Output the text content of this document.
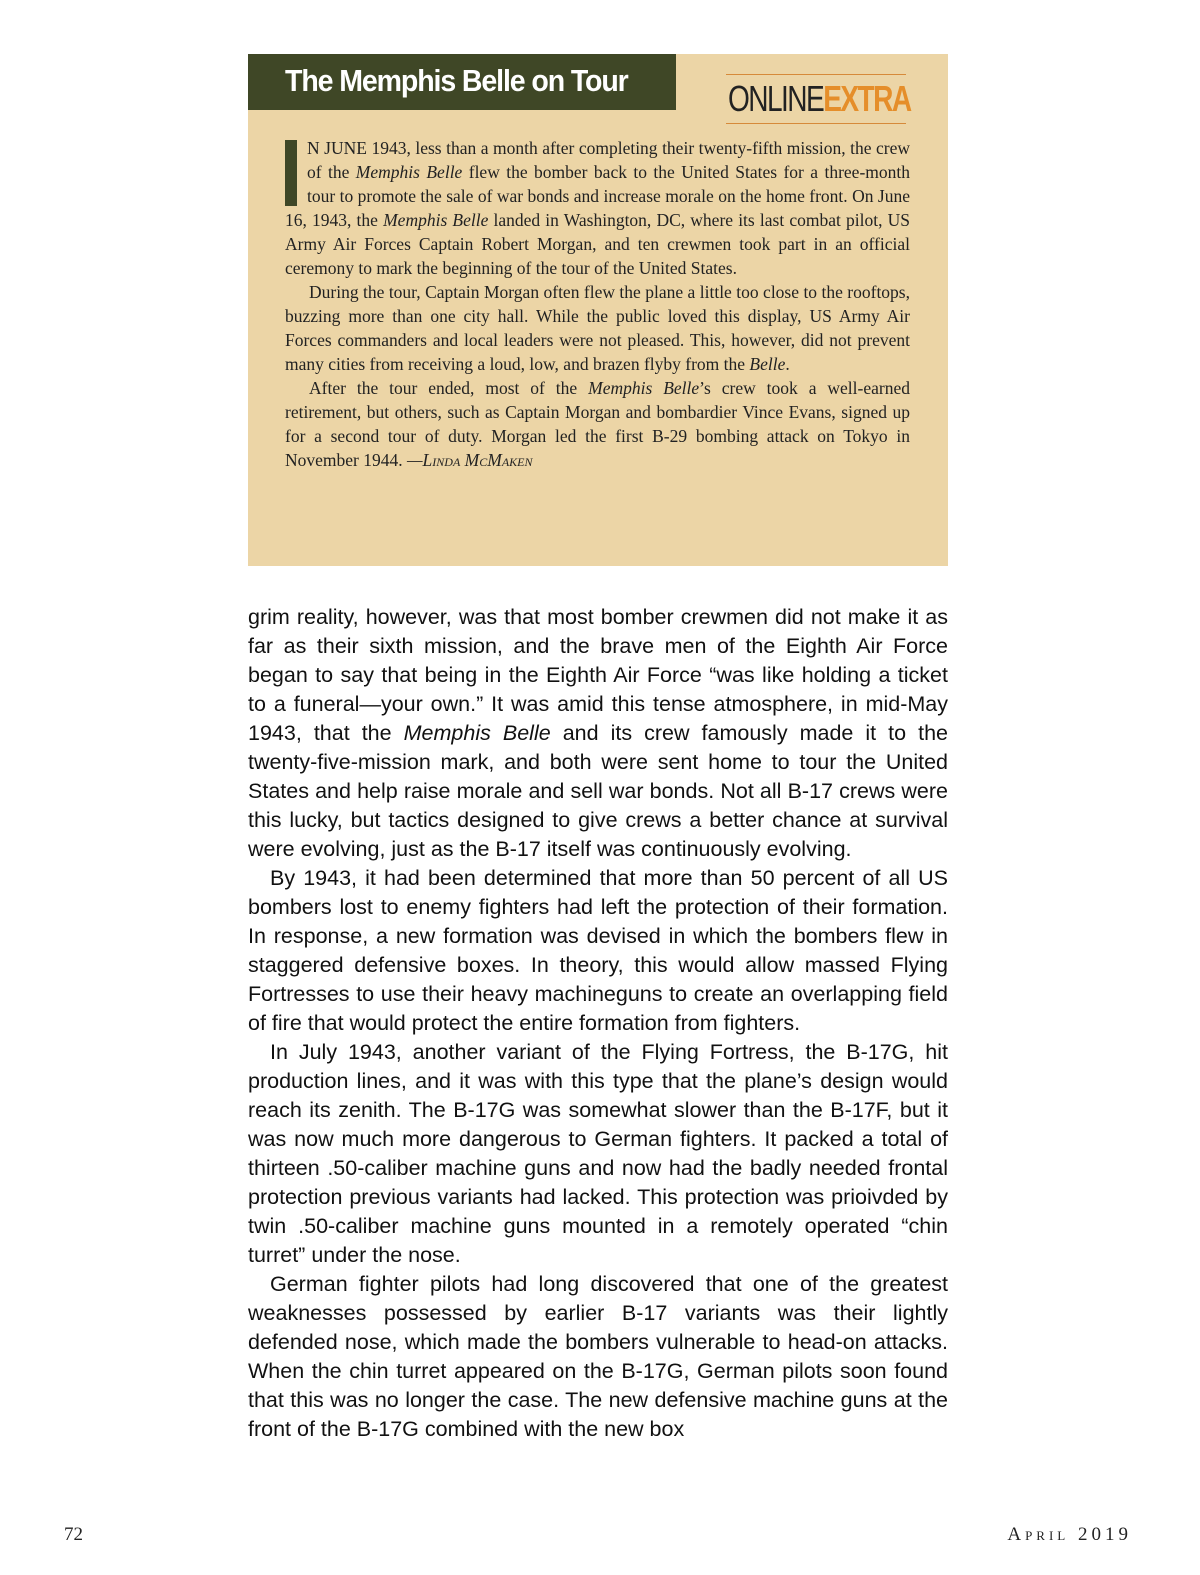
The Memphis Belle on Tour	ONLINEEXTRA

N JUNE 1943, less than a month after completing their twenty-fifth mission, the crew of the Memphis Belle flew the bomber back to the United States for a three-month tour to promote the sale of war bonds and increase morale on the home front. On June 16, 1943, the Memphis Belle landed in Washington, DC, where its last combat pilot, US Army Air Forces Captain Robert Morgan, and ten crewmen took part in an official ceremony to mark the beginning of the tour of the United States.

During the tour, Captain Morgan often flew the plane a little too close to the rooftops, buzzing more than one city hall. While the public loved this display, US Army Air Forces commanders and local leaders were not pleased. This, however, did not prevent many cities from receiving a loud, low, and brazen flyby from the Belle.

After the tour ended, most of the Memphis Belle’s crew took a well-earned retirement, but others, such as Captain Morgan and bombardier Vince Evans, signed up for a second tour of duty. Morgan led the first B-29 bombing attack on Tokyo in November 1944. —Linda McMaken

grim reality, however, was that most bomber crewmen did not make it as far as their sixth mission, and the brave men of the Eighth Air Force began to say that being in the Eighth Air Force “was like holding a ticket to a funeral—your own.” It was amid this tense atmosphere, in mid-May 1943, that the Memphis Belle and its crew famously made it to the twenty-five-mission mark, and both were sent home to tour the United States and help raise morale and sell war bonds. Not all B-17 crews were this lucky, but tactics designed to give crews a better chance at survival were evolving, just as the B-17 itself was continuously evolving.

By 1943, it had been determined that more than 50 percent of all US bombers lost to enemy fighters had left the protection of their formation. In response, a new formation was devised in which the bombers flew in staggered defensive boxes. In theory, this would allow massed Flying Fortresses to use their heavy machineguns to create an overlapping field of fire that would protect the entire formation from fighters.

In July 1943, another variant of the Flying Fortress, the B-17G, hit production lines, and it was with this type that the plane’s design would reach its zenith. The B-17G was somewhat slower than the B-17F, but it was now much more dangerous to German fighters. It packed a total of thirteen .50-caliber machine guns and now had the badly needed frontal protection previous variants had lacked. This protection was prioivded by twin .50-caliber machine guns mounted in a remotely operated “chin turret” under the nose.

German fighter pilots had long discovered that one of the greatest weaknesses possessed by earlier B-17 variants was their lightly defended nose, which made the bombers vulnerable to head-on attacks. When the chin turret appeared on the B-17G, German pilots soon found that this was no longer the case. The new defensive machine guns at the front of the B-17G combined with the new box

72	April 2019
